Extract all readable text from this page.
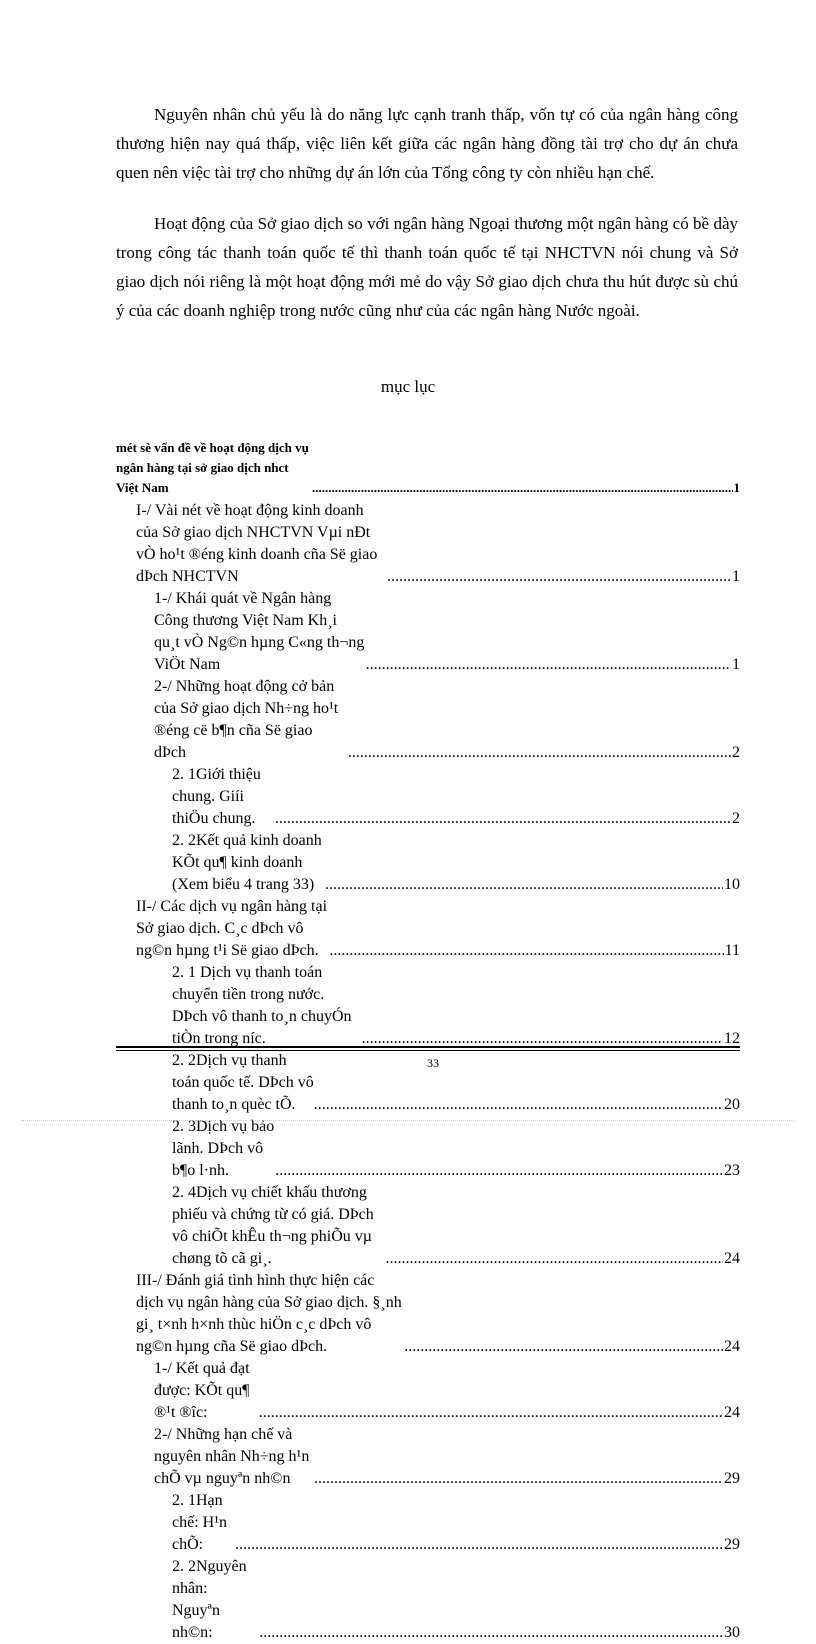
Nguyên nhân chủ yếu là do năng lực cạnh tranh thấp, vốn tự có của ngân hàng công thương hiện nay quá thấp, việc liên kết giữa các ngân hàng đồng tài trợ cho dự án chưa quen nên việc tài trợ cho những dự án lớn của Tổng công ty còn nhiều hạn chế.

Hoạt động của Sở giao dịch so với ngân hàng Ngoại thương một ngân hàng có bề dày trong công tác thanh toán quốc tế thì thanh toán quốc tế tại NHCTVN nói chung và Sở giao dịch nói riêng là một hoạt động mới mẻ do vậy Sở giao dịch chưa thu hút được sù chú ý của các doanh nghiệp trong nước cũng như của các ngân hàng Nước ngoài.

mục lục
mét sè vấn đề về hoạt động dịch vụ ngân hàng tại sở giao dịch nhct Việt Nam .....	1
I-/ Vài nét về hoạt động kinh doanh của Sở giao dịch NHCTVN Vµi nÐt vÒ ho¹t ®éng kinh doanh cña Së giao dÞch NHCTVN .....	1
1-/ Khái quát về Ngân hàng Công thương Việt Nam Kh¸i qu¸t vÒ Ng©n hµng C«ng th¬ng ViÖt Nam .....	1
2-/ Những hoạt động cở bản của Sở giao dịch Nh÷ng ho¹t ®éng cë b¶n cña Së giao dÞch .....	2
2. 1Giới thiệu chung. Giíi thiÖu chung. .....	2
2. 2Kết quả kinh doanh KÕt qu¶ kinh doanh (Xem biểu 4 trang 33) .....	10
II-/ Các dịch vụ ngân hàng tại Sở giao dịch. C¸c dÞch vô ng©n hµng t¹i Së giao dÞch. .....	11
2. 1 Dịch vụ thanh toán chuyển tiền trong nước. DÞch vô thanh to¸n chuyÓn tiÒn trong níc. .....	12
2. 2Dịch vụ thanh toán quốc tế. DÞch vô thanh to¸n quèc tÕ. .....	20
2. 3Dịch vụ bảo lãnh. DÞch vô b¶o l·nh. .....	23
2. 4Dịch vụ chiết khấu thương phiếu và chứng từ có giá. DÞch vô chiÕt khÊu th¬ng phiÕu vµ chøng tõ cã gi¸. .....	24
III-/ Đánh giá tình hình thực hiện các dịch vụ ngân hàng của Sở giao dịch. §¸nh gi¸ t×nh h×nh thùc hiÖn c¸c dÞch vô ng©n hµng cña Së giao dÞch. .....	24
1-/ Kết quả đạt được: KÕt qu¶ ®¹t ®îc: .....	24
2-/ Những hạn chế và nguyên nhân Nh÷ng h¹n chÕ vµ nguyªn nh©n .....	29
2. 1Hạn chế: H¹n chÕ: .....	29
2. 2Nguyên nhân: Nguyªn nh©n: .....	30
33
